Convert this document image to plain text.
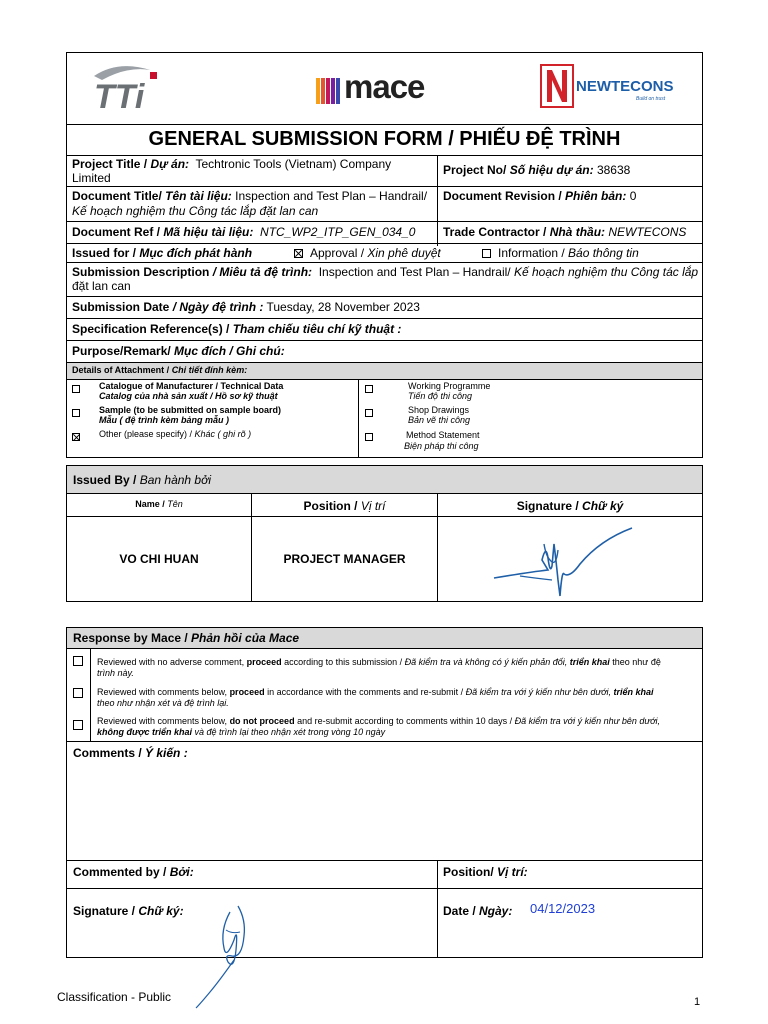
TTi	mace	NEWTECONS
Build on trust
GENERAL SUBMISSION FORM / PHIẾU ĐỆ TRÌNH
Project Title / Dự án: Techtronic Tools (Vietnam) Company
Limited
Project No/ Số hiệu dự án: 38638
Document Title/ Tên tài liệu: Inspection and Test Plan – Handrail/
Kế hoạch nghiệm thu Công tác lắp đặt lan can
Document Revision / Phiên bản: 0
Document Ref / Mã hiệu tài liệu: NTC_WP2_ITP_GEN_034_0 Trade Contractor / Nhà thầu: NEWTECONS
Issued for / Mục đích phát hành	Approval / Xin phê duyệt	Information / Báo thông tin
Submission Description / Miêu tả đệ trình: Inspection and Test Plan – Handrail/ Kế hoạch nghiệm thu Công tác lắp
đặt lan can
Submission Date / Ngày đệ trình : Tuesday, 28 November 2023
Specification Reference(s) / Tham chiếu tiêu chí kỹ thuật :
Purpose/Remark/ Mục đích / Ghi chú:
Details of Attachment / Chi tiết đính kèm:
Catalogue of Manufacturer / Technical Data
Catalog của nhà sản xuất / Hồ sơ kỹ thuật
Sample (to be submitted on sample board)
Mẫu ( đệ trình kèm bảng mẫu )
Other (please specify) / Khác ( ghi rõ )
Working Programme
Tiến độ thi công
Shop Drawings
Bản vẽ thi công
Method Statement
Biện pháp thi công
Issued By / Ban hành bởi
Name / Tên	Position / Vị trí	Signature / Chữ ký
VO CHI HUAN	PROJECT MANAGER
Response by Mace / Phản hồi của Mace
Reviewed with no adverse comment, proceed according to this submission / Đã kiểm tra và không có ý kiến phản đối, triển khai theo như đệ
trình này.
Reviewed with comments below, proceed in accordance with the comments and re-submit / Đã kiểm tra với ý kiến như bên dưới, triển khai
theo như nhận xét và đệ trình lại.
Reviewed with comments below, do not proceed and re-submit according to comments within 10 days / Đã kiểm tra với ý kiến như bên dưới,
không được triển khai và đệ trình lại theo nhận xét trong vòng 10 ngày
Comments / Ý kiến :
Commented by / Bởi:	Position/ Vị trí:
Signature / Chữ ký:	Date / Ngày: 04/12/2023
Classification - Public	1
